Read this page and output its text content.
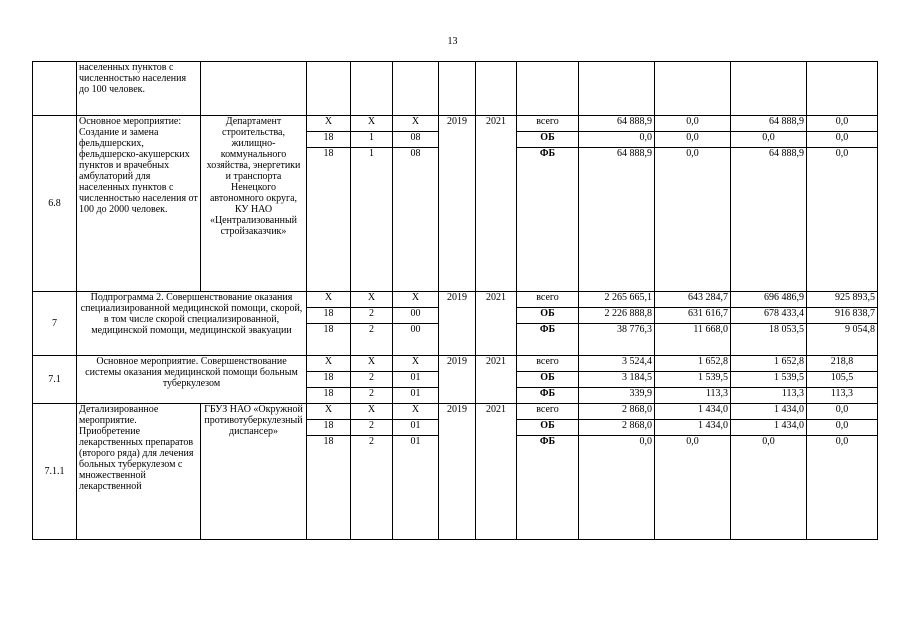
13
	населенных пунктов с численностью населения до 100 человек.											
6.8	Основное мероприятие: Создание и замена фельдшерских, фельдшерско-акушерских пунктов и врачебных амбулаторий для населенных пунктов с численностью населения от 100 до 2000 человек.	Департамент строительства, жилищно-коммунального хозяйства, энергетики и транспорта Ненецкого автономного округа, КУ НАО «Централизованный стройзаказчик»	X	X	X	2019	2021	всего	64 888,9	0,0	64 888,9	0,0
			18	1	08			ОБ	0,0	0,0	0,0	0,0
			18	1	08			ФБ	64 888,9	0,0	64 888,9	0,0
7	Подпрограмма 2. Совершенствование оказания специализированной медицинской помощи, скорой, в том числе скорой специализированной, медицинской помощи, медицинской эвакуации		X	X	X	2019	2021	всего	2 265 665,1	643 284,7	696 486,9	925 893,5
			18	2	00			ОБ	2 226 888,8	631 616,7	678 433,4	916 838,7
			18	2	00			ФБ	38 776,3	11 668,0	18 053,5	9 054,8
7.1	Основное мероприятие. Совершенствование системы оказания медицинской помощи больным туберкулезом		X	X	X	2019	2021	всего	3 524,4	1 652,8	1 652,8	218,8
			18	2	01			ОБ	3 184,5	1 539,5	1 539,5	105,5
			18	2	01			ФБ	339,9	113,3	113,3	113,3
7.1.1	Детализированное мероприятие. Приобретение лекарственных препаратов (второго ряда) для лечения больных туберкулезом с множественной лекарственной	ГБУЗ НАО «Окружной противотуберкулезный диспансер»	X	X	X	2019	2021	всего	2 868,0	1 434,0	1 434,0	0,0
			18	2	01			ОБ	2 868,0	1 434,0	1 434,0	0,0
			18	2	01			ФБ	0,0	0,0	0,0	0,0
